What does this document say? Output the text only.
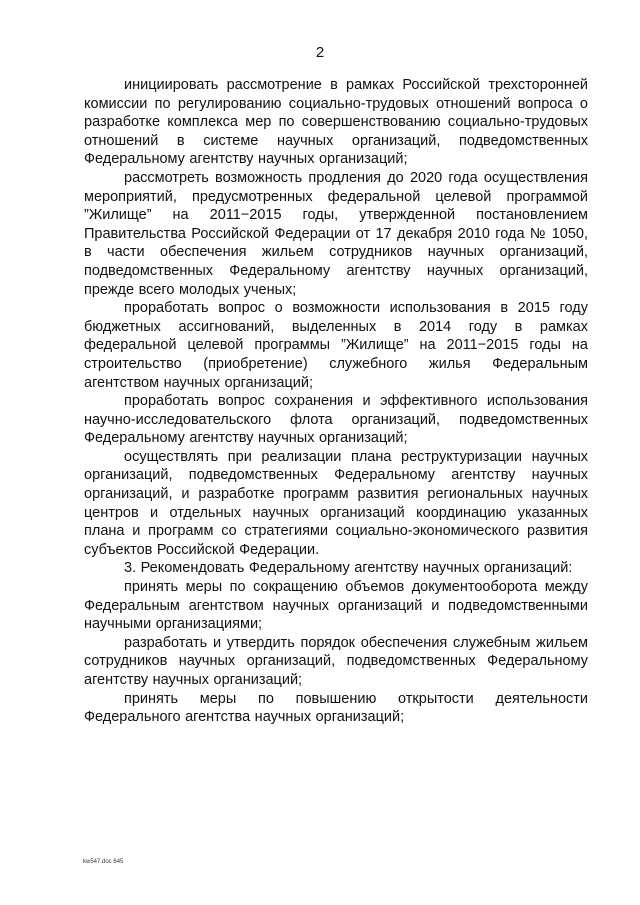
2

инициировать рассмотрение в рамках Российской трехсторонней комиссии по регулированию социально-трудовых отношений вопроса о разработке комплекса мер по совершенствованию социально-трудовых отношений в системе научных организаций, подведомственных Федеральному агентству научных организаций;

рассмотреть возможность продления до 2020 года осуществления мероприятий, предусмотренных федеральной целевой программой ”Жилище” на 2011−2015 годы, утвержденной постановлением Правительства Российской Федерации от 17 декабря 2010 года № 1050, в части обеспечения жильем сотрудников научных организаций, подведомственных Федеральному агентству научных организаций, прежде всего молодых ученых;

проработать вопрос о возможности использования в 2015 году бюджетных ассигнований, выделенных в 2014 году в рамках федеральной целевой программы ”Жилище” на 2011−2015 годы на строительство (приобретение) служебного жилья Федеральным агентством научных организаций;

проработать вопрос сохранения и эффективного использования научно-исследовательского флота организаций, подведомственных Федеральному агентству научных организаций;

осуществлять при реализации плана реструктуризации научных организаций, подведомственных Федеральному агентству научных организаций, и разработке программ развития региональных научных центров и отдельных научных организаций координацию указанных плана и программ со стратегиями социально-экономического развития субъектов Российской Федерации.

3. Рекомендовать Федеральному агентству научных организаций:

принять меры по сокращению объемов документооборота между Федеральным агентством научных организаций и подведомственными научными организациями;

разработать и утвердить порядок обеспечения служебным жильем сотрудников научных организаций, подведомственных Федеральному агентству научных организаций;

принять меры по повышению открытости деятельности Федерального агентства научных организаций;

kw547.doc 645
